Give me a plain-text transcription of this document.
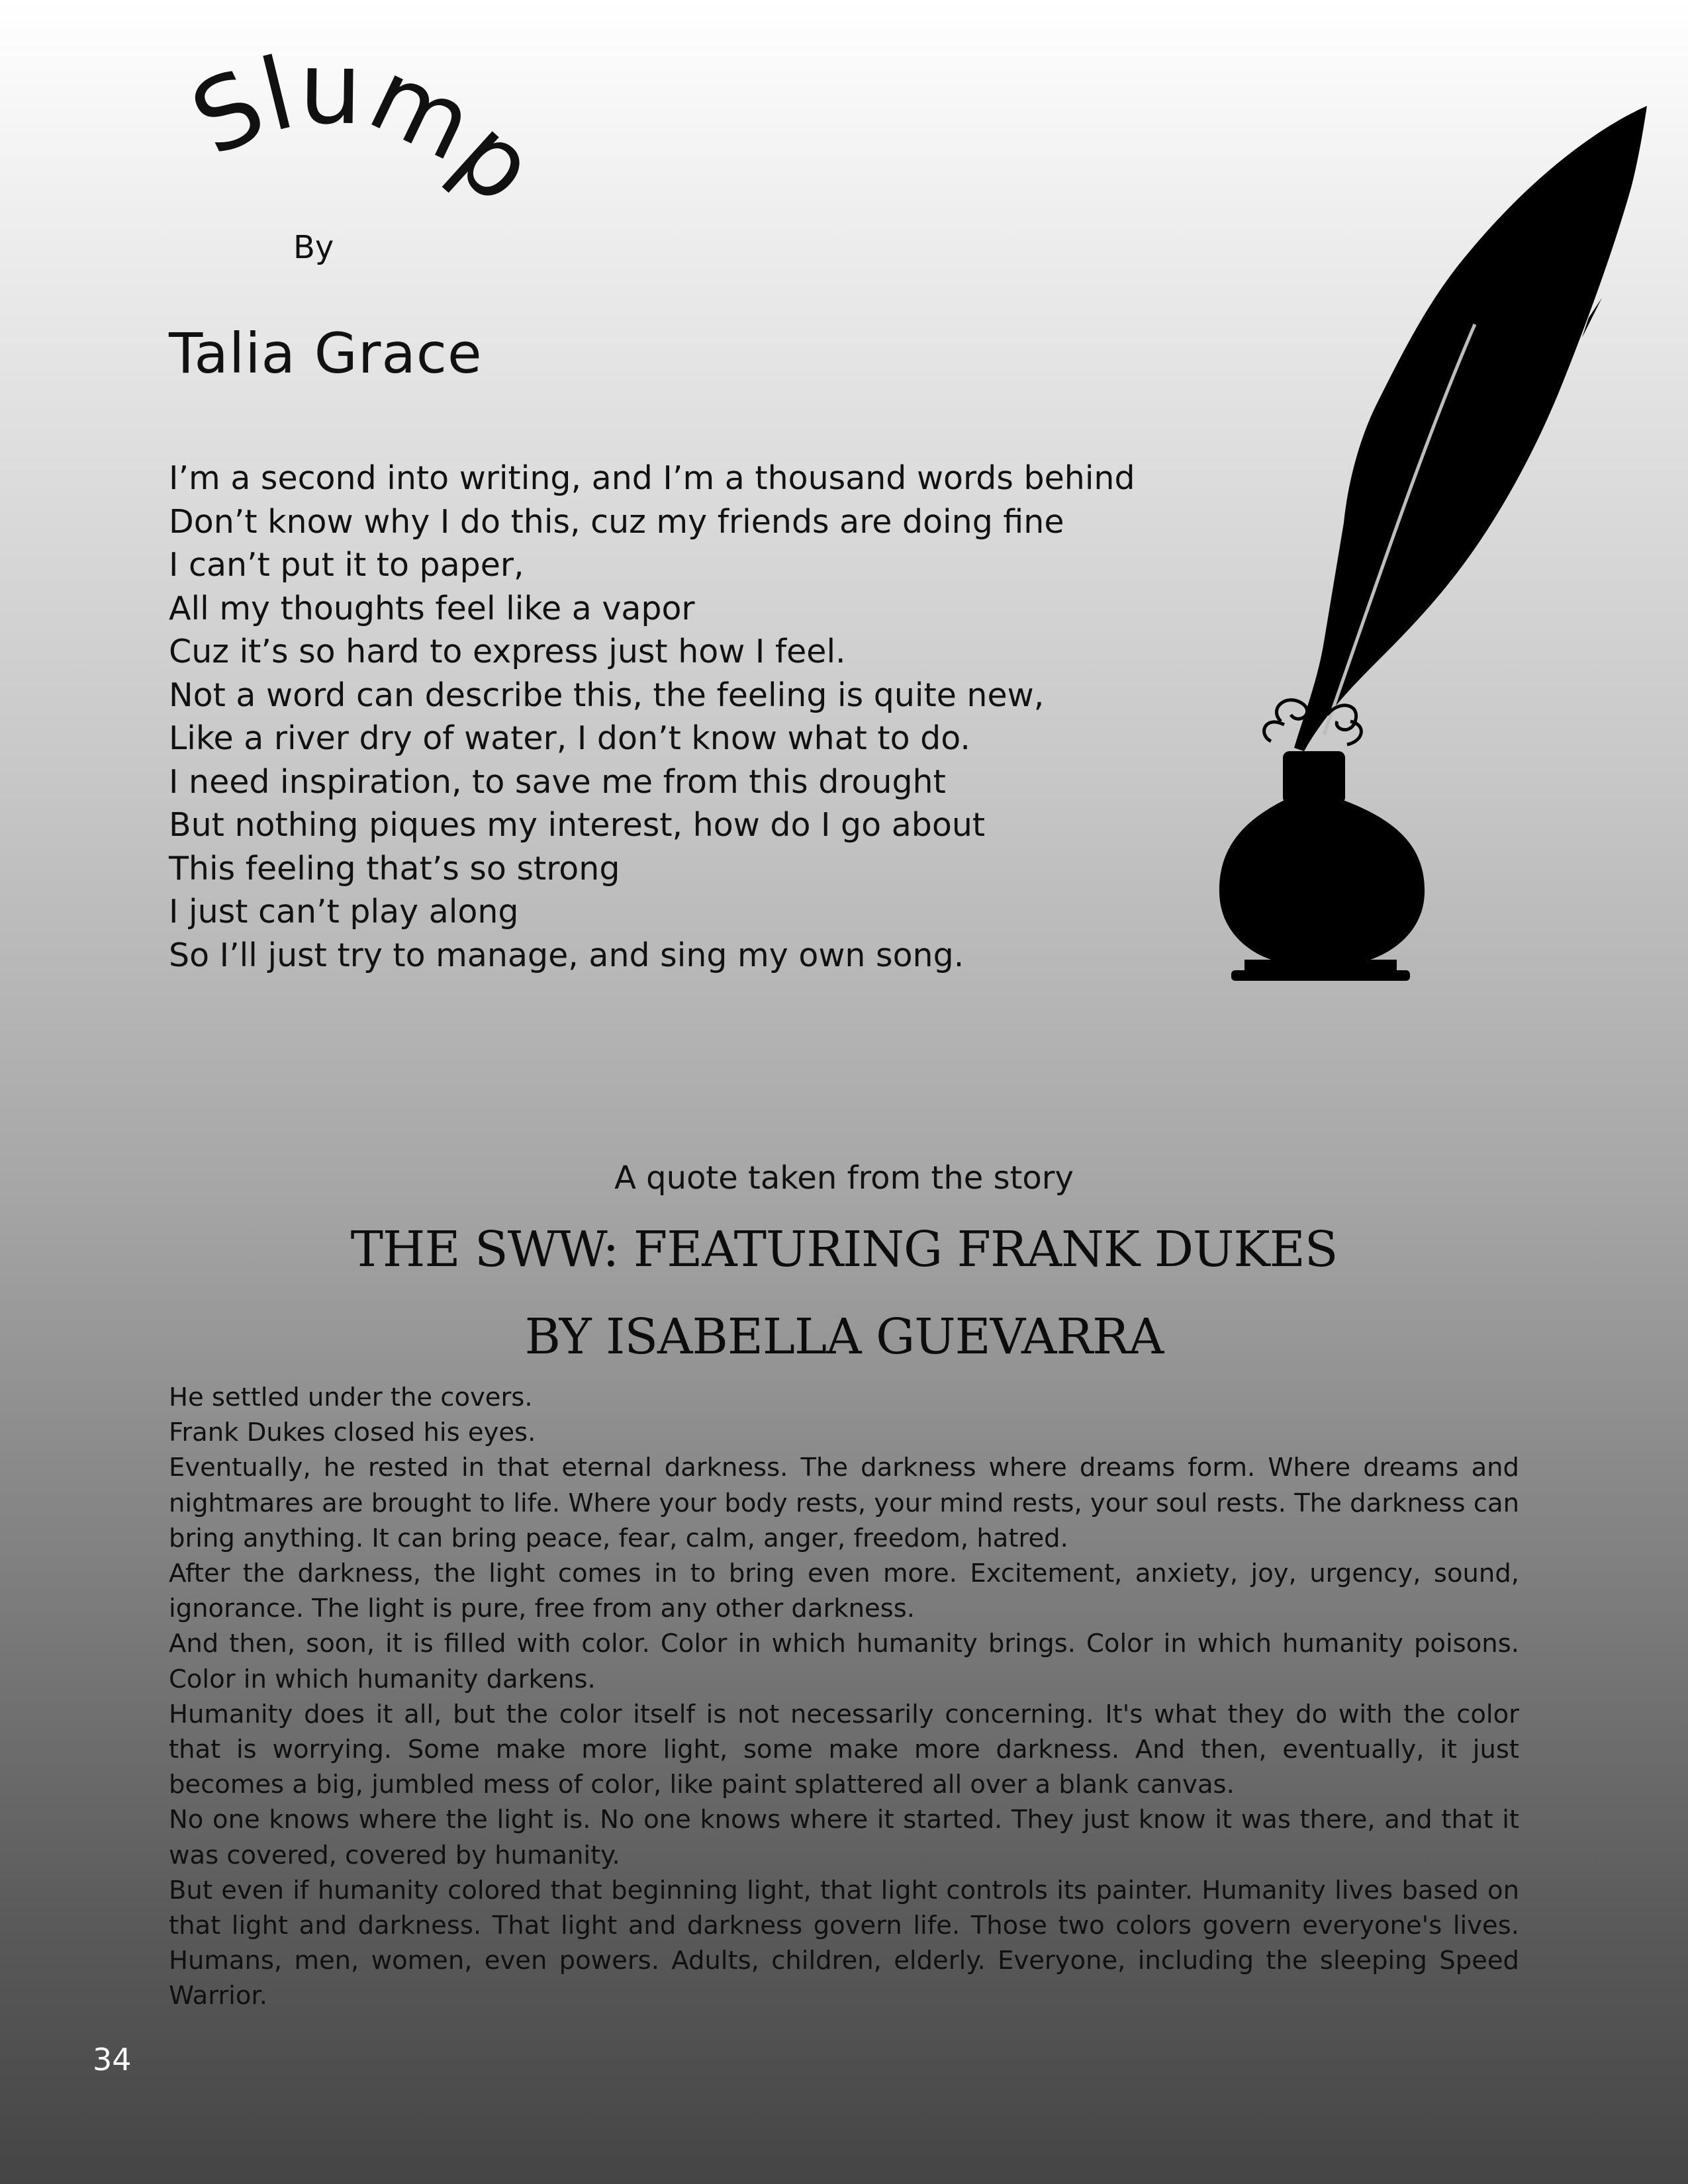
Slump
By
Talia Grace
I’m a second into writing, and I’m a thousand words behind
Don’t know why I do this, cuz my friends are doing fine
I can’t put it to paper,
All my thoughts feel like a vapor
Cuz it’s so hard to express just how I feel.
Not a word can describe this, the feeling is quite new,
Like a river dry of water, I don’t know what to do.
I need inspiration, to save me from this drought
But nothing piques my interest, how do I go about
This feeling that’s so strong
I just can’t play along
So I’ll just try to manage, and sing my own song.
A quote taken from the story
THE SWW: FEATURING FRANK DUKES
BY ISABELLA GUEVARRA

He settled under the covers.

Frank Dukes closed his eyes.

Eventually, he rested in that eternal darkness. The darkness where dreams form. Where dreams and nightmares are brought to life. Where your body rests, your mind rests, your soul rests. The darkness can bring anything. It can bring peace, fear, calm, anger, freedom, hatred.

After the darkness, the light comes in to bring even more. Excitement, anxiety, joy, urgency, sound, ignorance. The light is pure, free from any other darkness.

And then, soon, it is filled with color. Color in which humanity brings. Color in which humanity poisons. Color in which humanity darkens.

Humanity does it all, but the color itself is not necessarily concerning. It's what they do with the color that is worrying. Some make more light, some make more darkness. And then, eventually, it just becomes a big, jumbled mess of color, like paint splattered all over a blank canvas.

No one knows where the light is. No one knows where it started. They just know it was there, and that it was covered, covered by humanity.

But even if humanity colored that beginning light, that light controls its painter. Humanity lives based on that light and darkness. That light and darkness govern life. Those two colors govern everyone's lives. Humans, men, women, even powers. Adults, children, elderly. Everyone, including the sleeping Speed Warrior.

34
